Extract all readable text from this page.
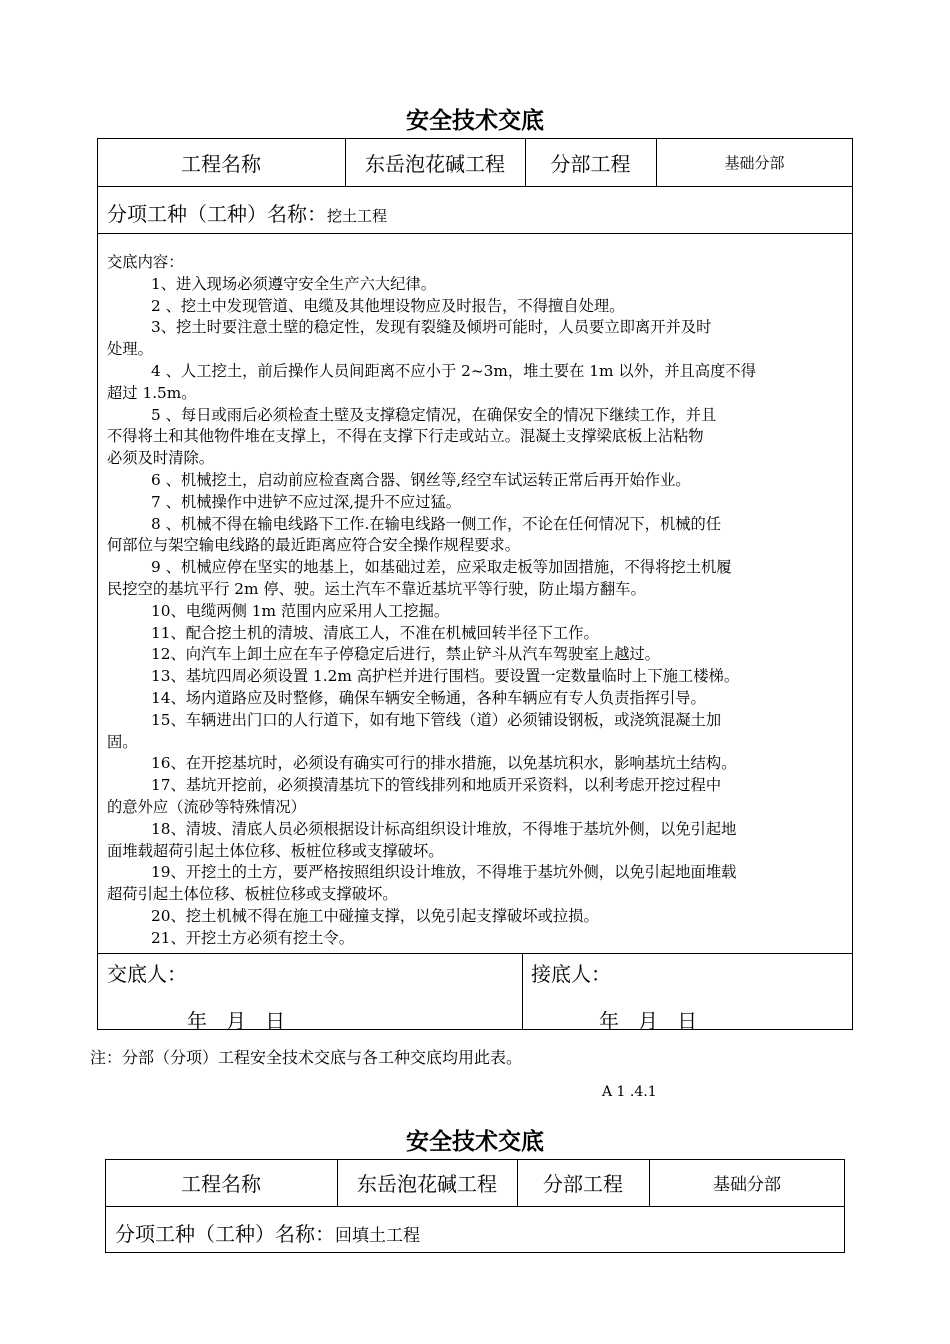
安全技术交底
工程名称	东岳泡花碱工程	分部工程	基础分部
分项工种（工种）名称：挖土工程
交底内容：
1、进入现场必须遵守安全生产六大纪律。
2 、挖土中发现管道、电缆及其他埋设物应及时报告，不得擅自处理。
3、挖土时要注意土壁的稳定性，发现有裂缝及倾坍可能时，人员要立即离开并及时
处理。
4 、人工挖土，前后操作人员间距离不应小于 2~3m，堆土要在 1m 以外，并且高度不得
超过 1.5m。
5 、每日或雨后必须检查土壁及支撑稳定情况，在确保安全的情况下继续工作，并且
不得将土和其他物件堆在支撑上，不得在支撑下行走或站立。混凝土支撑梁底板上沾粘物
必须及时清除。
6 、机械挖土，启动前应检查离合器、钢丝等,经空车试运转正常后再开始作业。
7 、机械操作中进铲不应过深,提升不应过猛。
8 、机械不得在输电线路下工作.在输电线路一侧工作，不论在任何情况下，机械的任
何部位与架空输电线路的最近距离应符合安全操作规程要求。
9 、机械应停在坚实的地基上，如基础过差，应采取走板等加固措施，不得将挖土机履
民挖空的基坑平行 2m 停、驶。运土汽车不靠近基坑平等行驶，防止塌方翻车。
10、电缆两侧 1m 范围内应采用人工挖掘。
11、配合挖土机的清坡、清底工人，不准在机械回转半径下工作。
12、向汽车上卸土应在车子停稳定后进行，禁止铲斗从汽车驾驶室上越过。
13、基坑四周必须设置 1.2m 高护栏并进行围档。要设置一定数量临时上下施工楼梯。
14、场内道路应及时整修，确保车辆安全畅通，各种车辆应有专人负责指挥引导。
15、车辆进出门口的人行道下，如有地下管线（道）必须铺设钢板，或浇筑混凝土加
固。
16、在开挖基坑时，必须设有确实可行的排水措施，以免基坑积水，影响基坑土结构。
17、基坑开挖前，必须摸清基坑下的管线排列和地质开采资料，以利考虑开挖过程中
的意外应（流砂等特殊情况）
18、清坡、清底人员必须根据设计标高组织设计堆放，不得堆于基坑外侧，以免引起地
面堆载超荷引起土体位移、板桩位移或支撑破坏。
19、开挖土的土方，要严格按照组织设计堆放，不得堆于基坑外侧，以免引起地面堆载
超荷引起土体位移、板桩位移或支撑破坏。
20、挖土机械不得在施工中碰撞支撑，以免引起支撑破坏或拉损。
21、开挖土方必须有挖土令。
交底人：	接底人：
年   月   日	年   月   日
注：分部（分项）工程安全技术交底与各工种交底均用此表。
A 1 .4.1
安全技术交底
工程名称	东岳泡花碱工程	分部工程	基础分部
分项工种（工种）名称：回填土工程
